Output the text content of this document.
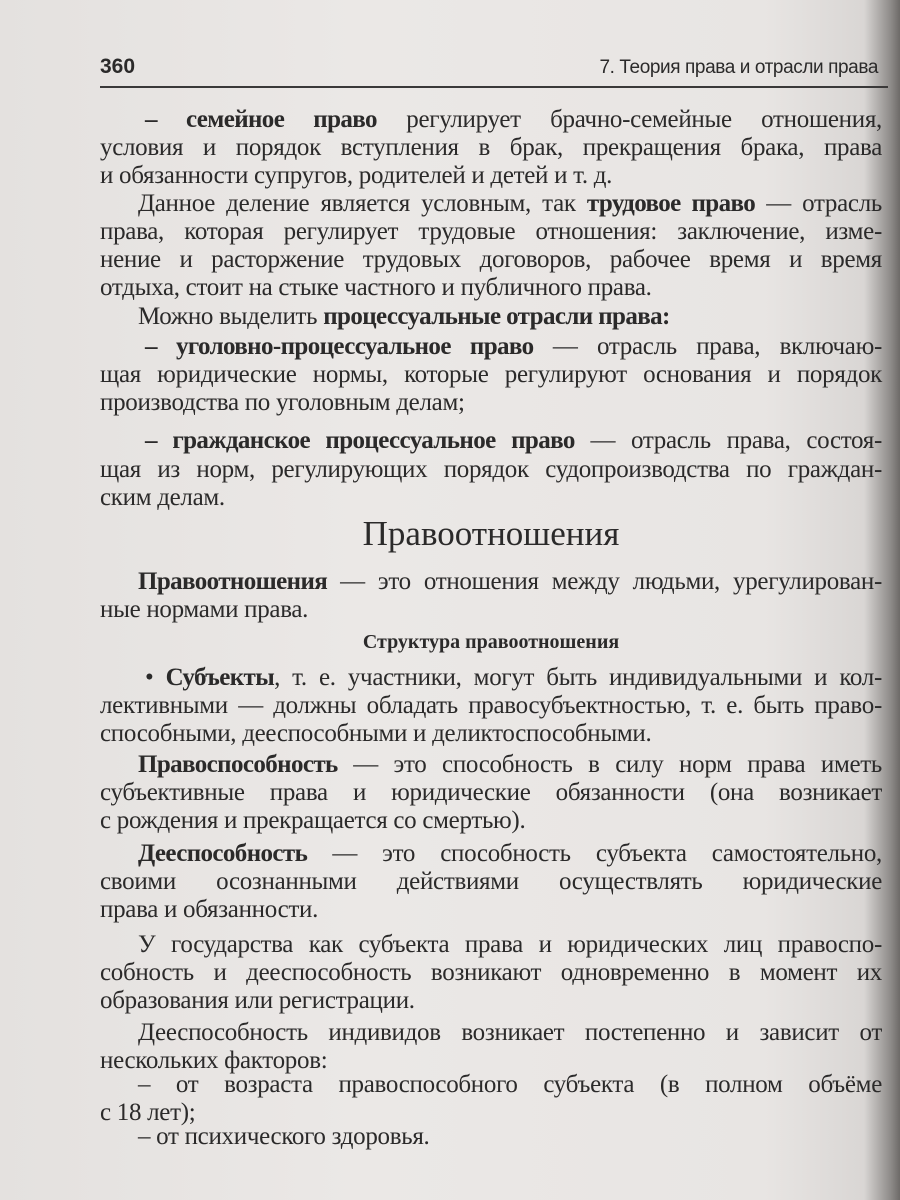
360	7. Теория права и отрасли права
– семейное право регулирует брачно-семейные отношения,
условия и порядок вступления в брак, прекращения брака, права
и обязанности супругов, родителей и детей и т. д.
Данное деление является условным, так трудовое право — отрасль
права, которая регулирует трудовые отношения: заключение, изме-
нение и расторжение трудовых договоров, рабочее время и время
отдыха, стоит на стыке частного и публичного права.
Можно выделить процессуальные отрасли права:
– уголовно-процессуальное право — отрасль права, включаю-
щая юридические нормы, которые регулируют основания и порядок
производства по уголовным делам;
– гражданское процессуальное право — отрасль права, состоя-
щая из норм, регулирующих порядок судопроизводства по граждан-
ским делам.
Правоотношения
Структура правоотношения
Правоотношения — это отношения между людьми, урегулирован-
ные нормами права.
• Субъекты, т. е. участники, могут быть индивидуальными и кол-
лективными — должны обладать правосубъектностью, т. е. быть право-
способными, дееспособными и деликтоспособными.
Правоспособность — это способность в силу норм права иметь
субъективные права и юридические обязанности (она возникает
с рождения и прекращается со смертью).
Дееспособность — это способность субъекта самостоятельно,
своими осознанными действиями осуществлять юридические
права и обязанности.
У государства как субъекта права и юридических лиц правоспо-
собность и дееспособность возникают одновременно в момент их
образования или регистрации.
Дееспособность индивидов возникает постепенно и зависит от
нескольких факторов:
– от возраста правоспособного субъекта (в полном объёме
с 18 лет);
– от психического здоровья.
